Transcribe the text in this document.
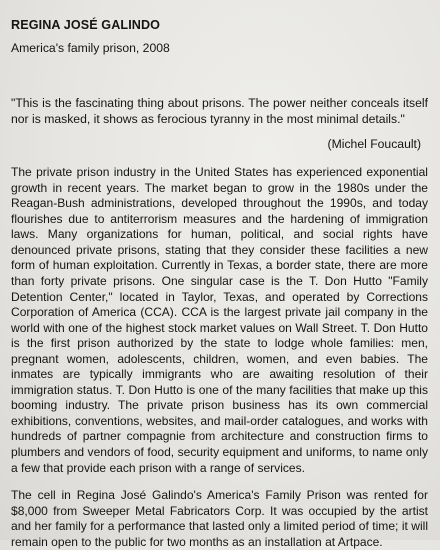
REGINA JOSÉ GALINDO

America's family prison, 2008

"This is the fascinating thing about prisons. The power neither conceals itself nor is masked, it shows as ferocious tyranny in the most minimal details."

(Michel Foucault)

The private prison industry in the United States has experienced exponential growth in recent years. The market began to grow in the 1980s under the Reagan-Bush administrations, developed throughout the 1990s, and today flourishes due to antiterrorism measures and the hardening of immigration laws. Many organizations for human, political, and social rights have denounced private prisons, stating that they consider these facilities a new form of human exploitation. Currently in Texas, a border state, there are more than forty private prisons. One singular case is the T. Don Hutto "Family Detention Center," located in Taylor, Texas, and operated by Corrections Corporation of America (CCA). CCA is the largest private jail company in the world with one of the highest stock market values on Wall Street. T. Don Hutto is the first prison authorized by the state to lodge whole families: men, pregnant women, adolescents, children, women, and even babies. The inmates are typically immigrants who are awaiting resolution of their immigration status. T. Don Hutto is one of the many facilities that make up this booming industry. The private prison business has its own commercial exhibitions, conventions, websites, and mail-order catalogues, and works with hundreds of partner compagnie from architecture and construction firms to plumbers and vendors of food, security equipment and uniforms, to name only a few that provide each prison with a range of services.

The cell in Regina José Galindo's America's Family Prison was rented for $8,000 from Sweeper Metal Fabricators Corp. It was occupied by the artist and her family for a performance that lasted only a limited period of time; it will remain open to the public for two months as an installation at Artpace.
